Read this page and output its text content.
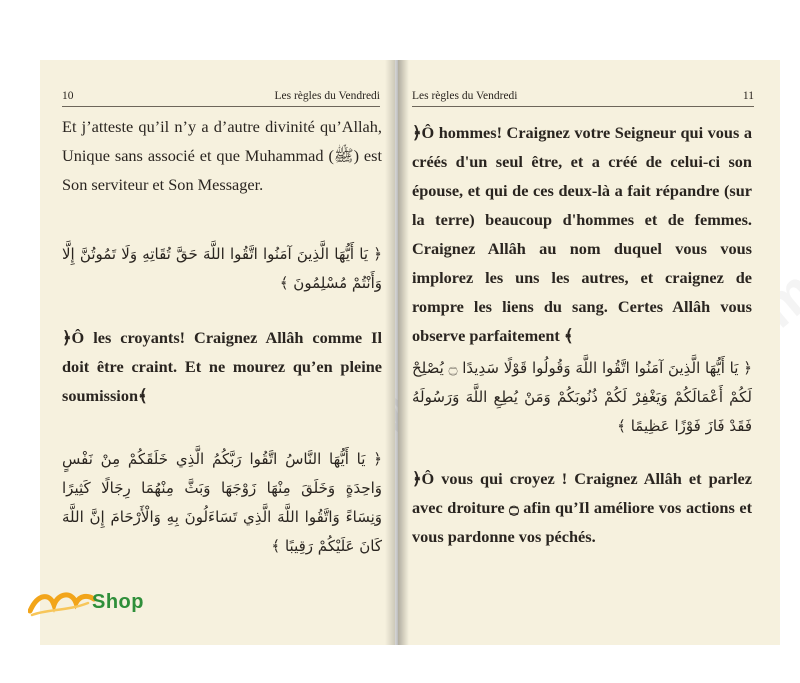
10	Les règles du Vendredi
Et j’atteste qu’il n’y a d’autre divinité qu’Allah, Unique sans associé et que Muhammad (ﷺ) est Son serviteur et Son Messager.
﴿ يَا أَيُّهَا الَّذِينَ آمَنُوا اتَّقُوا اللَّهَ حَقَّ تُقَاتِهِ وَلَا تَمُوتُنَّ إِلَّا وَأَنْتُمْ مُسْلِمُونَ ﴾
﴿Ô les croyants! Craignez Allâh comme Il doit être craint. Et ne mourez qu’en pleine soumission﴾
﴿ يَا أَيُّهَا النَّاسُ اتَّقُوا رَبَّكُمُ الَّذِي خَلَقَكُمْ مِنْ نَفْسٍ وَاحِدَةٍ وَخَلَقَ مِنْهَا زَوْجَهَا وَبَثَّ مِنْهُمَا رِجَالًا كَثِيرًا وَنِسَاءً وَاتَّقُوا اللَّهَ الَّذِي تَسَاءَلُونَ بِهِ وَالْأَرْحَامَ إِنَّ اللَّهَ كَانَ عَلَيْكُمْ رَقِيبًا ﴾
Les règles du Vendredi	11
﴿Ô hommes! Craignez votre Seigneur qui vous a créés d'un seul être, et a créé de celui-ci son épouse, et qui de ces deux-là a fait répandre (sur la terre) beaucoup d'hommes et de femmes. Craignez Allâh au nom duquel vous vous implorez les uns les autres, et craignez de rompre les liens du sang. Certes Allâh vous observe parfaitement ﴾
﴿ يَا أَيُّهَا الَّذِينَ آمَنُوا اتَّقُوا اللَّهَ وَقُولُوا قَوْلًا سَدِيدًا ۝ يُصْلِحْ لَكُمْ أَعْمَالَكُمْ وَيَغْفِرْ لَكُمْ ذُنُوبَكُمْ وَمَنْ يُطِعِ اللَّهَ وَرَسُولَهُ فَقَدْ فَازَ فَوْزًا عَظِيمًا ﴾
﴿Ô vous qui croyez ! Craignez Allâh et parlez avec droiture ۝ afin qu’Il améliore vos actions et vous pardonne vos péchés.
Shop
